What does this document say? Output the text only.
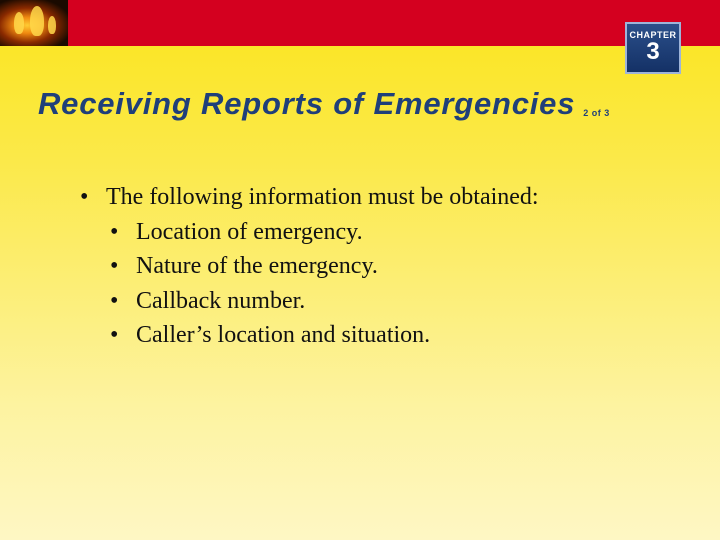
CHAPTER
3
Receiving Reports of Emergencies 2 of 3
• The following information must be obtained:
• Location of emergency.
• Nature of the emergency.
• Callback number.
• Caller’s location and situation.
